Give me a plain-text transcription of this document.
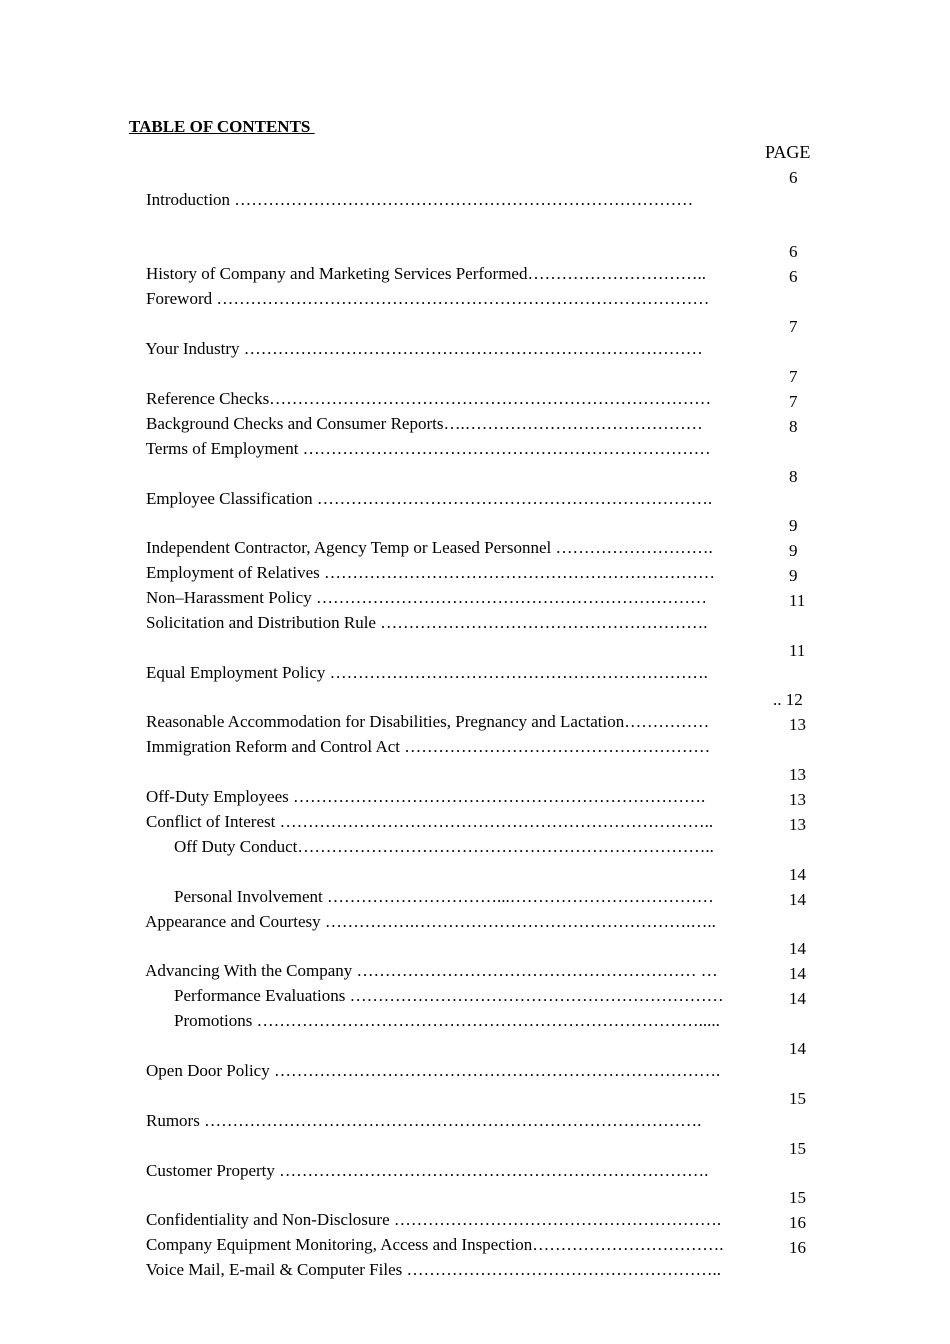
TABLE OF CONTENTS
PAGE

Introduction ………………………………………………………………………

6

History of Company and Marketing Services Performed…………………………..

6

Foreword ……………………………………………………………………………

6

Your Industry ………………………………………………………………………

7

Reference Checks……………………………………………………………………

7

Background Checks and Consumer Reports….……………………………………

7

Terms of Employment ………………………………………………………………

8

Employee Classification …………………………………………………………….

8

Independent Contractor, Agency Temp or Leased Personnel ……………………….

9

Employment of Relatives ……………………………………………………………

9

Non–Harassment Policy ……………………………………………………………

9

Solicitation and Distribution Rule ………………………………………………….

11

Equal Employment Policy ………………………………………………………….

11

Reasonable Accommodation for Disabilities, Pregnancy and Lactation……………

.. 12

Immigration Reform and Control Act ………………………………………………

13

Off-Duty Employees ……………………………………………………………….

13

Conflict of Interest …………………………………………………………………..

13

Off Duty Conduct………………………………………………………………..

13

Personal Involvement …………………………...………………………………

14

Appearance and Courtesy …………….………………………………………….…..

14

Advancing With the Company …………………………………………………… …

14

Performance Evaluations …………………………………………………………

14

Promotions …………………………………………………………………….....

14

Open Door Policy …………………………………………………………………….

14

Rumors …………………………………………………………………………….

15

Customer Property ………………………………………………………………….

15

Confidentiality and Non-Disclosure ………………………………………………….

15

Company Equipment Monitoring, Access and Inspection…………………………….

16

Voice Mail, E-mail & Computer Files ………………………………………………..

16
